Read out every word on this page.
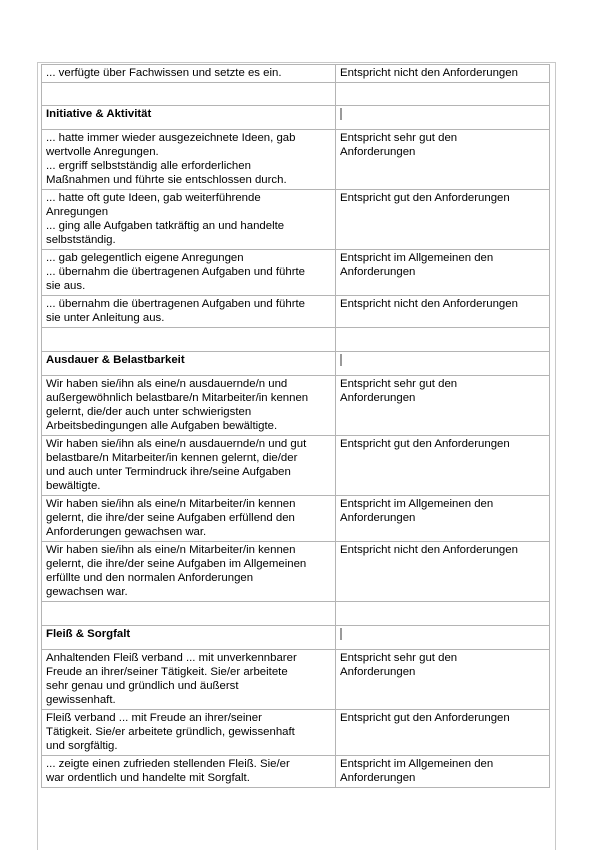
... verfügte über Fachwissen und setzte es ein.	Entspricht nicht den Anforderungen

Initiative & Aktivität	
... hatte immer wieder ausgezeichnete Ideen, gab
wertvolle Anregungen.
... ergriff selbstständig alle erforderlichen
Maßnahmen und führte sie entschlossen durch.	Entspricht sehr gut den
Anforderungen
... hatte oft gute Ideen, gab weiterführende
Anregungen
... ging alle Aufgaben tatkräftig an und handelte
selbstständig.	Entspricht gut den Anforderungen
... gab gelegentlich eigene Anregungen
... übernahm die übertragenen Aufgaben und führte
sie aus.	Entspricht im Allgemeinen den
Anforderungen
... übernahm die übertragenen Aufgaben und führte
sie unter Anleitung aus.	Entspricht nicht den Anforderungen

Ausdauer & Belastbarkeit	
Wir haben sie/ihn als eine/n ausdauernde/n und
außergewöhnlich belastbare/n Mitarbeiter/in kennen
gelernt, die/der auch unter schwierigsten
Arbeitsbedingungen alle Aufgaben bewältigte.	Entspricht sehr gut den
Anforderungen
Wir haben sie/ihn als eine/n ausdauernde/n und gut
belastbare/n Mitarbeiter/in kennen gelernt, die/der
und auch unter Termindruck ihre/seine Aufgaben
bewältigte.	Entspricht gut den Anforderungen
Wir haben sie/ihn als eine/n Mitarbeiter/in kennen
gelernt, die ihre/der seine Aufgaben erfüllend den
Anforderungen gewachsen war.	Entspricht im Allgemeinen den
Anforderungen
Wir haben sie/ihn als eine/n Mitarbeiter/in kennen
gelernt, die ihre/der seine Aufgaben im Allgemeinen
erfüllte und den normalen Anforderungen
gewachsen war.	Entspricht nicht den Anforderungen

Fleiß & Sorgfalt	
Anhaltenden Fleiß verband ... mit unverkennbarer
Freude an ihrer/seiner Tätigkeit. Sie/er arbeitete
sehr genau und gründlich und äußerst
gewissenhaft.	Entspricht sehr gut den
Anforderungen
Fleiß verband ... mit Freude an ihrer/seiner
Tätigkeit. Sie/er arbeitete gründlich, gewissenhaft
und sorgfältig.	Entspricht gut den Anforderungen
... zeigte einen zufrieden stellenden Fleiß. Sie/er
war ordentlich und handelte mit Sorgfalt.	Entspricht im Allgemeinen den
Anforderungen
